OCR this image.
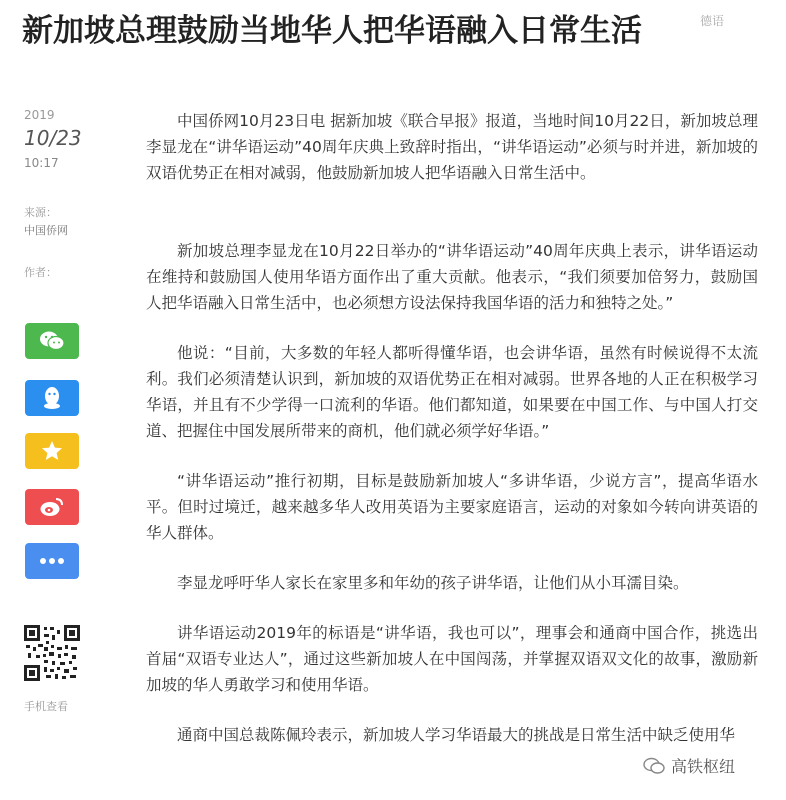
新加坡总理鼓励当地华人把华语融入日常生活	德语
2019
10/23
10:17
来源：
中国侨网
作者：
手机查看

中国侨网10月23日电 据新加坡《联合早报》报道，当地时间10月22日，新加坡总理李显龙在“讲华语运动”40周年庆典上致辞时指出，“讲华语运动”必须与时并进，新加坡的双语优势正在相对减弱，他鼓励新加坡人把华语融入日常生活中。

新加坡总理李显龙在10月22日举办的“讲华语运动”40周年庆典上表示，讲华语运动在维持和鼓励国人使用华语方面作出了重大贡献。他表示，“我们须要加倍努力，鼓励国人把华语融入日常生活中，也必须想方设法保持我国华语的活力和独特之处。”

他说：“目前，大多数的年轻人都听得懂华语，也会讲华语，虽然有时候说得不太流利。我们必须清楚认识到，新加坡的双语优势正在相对减弱。世界各地的人正在积极学习华语，并且有不少学得一口流利的华语。他们都知道，如果要在中国工作、与中国人打交道、把握住中国发展所带来的商机，他们就必须学好华语。”

“讲华语运动”推行初期，目标是鼓励新加坡人“多讲华语，少说方言”，提高华语水平。但时过境迁，越来越多华人改用英语为主要家庭语言，运动的对象如今转向讲英语的华人群体。

李显龙呼吁华人家长在家里多和年幼的孩子讲华语，让他们从小耳濡目染。

讲华语运动2019年的标语是“讲华语，我也可以”，理事会和通商中国合作，挑选出首届“双语专业达人”，通过这些新加坡人在中国闯荡，并掌握双语双文化的故事，激励新加坡的华人勇敢学习和使用华语。

通商中国总裁陈佩玲表示，新加坡人学习华语最大的挑战是日常生活中缺乏使用华

高铁枢纽
